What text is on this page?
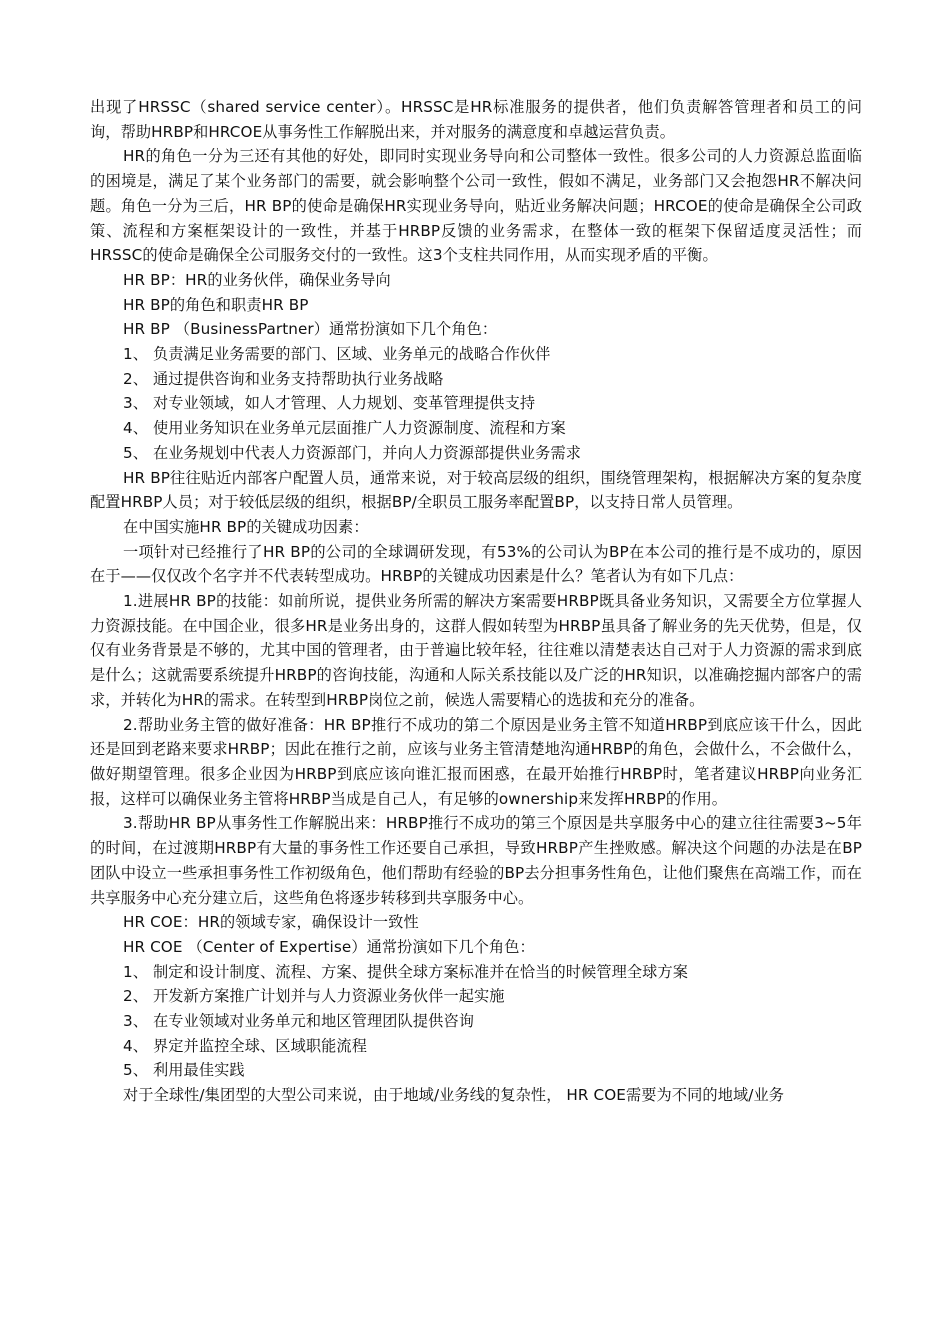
出现了HRSSC（shared service center）。HRSSC是HR标准服务的提供者，他们负责解答管理者和员工的问询，帮助HRBP和HRCOE从事务性工作解脱出来，并对服务的满意度和卓越运营负责。

HR的角色一分为三还有其他的好处，即同时实现业务导向和公司整体一致性。很多公司的人力资源总监面临的困境是，满足了某个业务部门的需要，就会影响整个公司一致性，假如不满足，业务部门又会抱怨HR不解决问题。角色一分为三后，HR BP的使命是确保HR实现业务导向，贴近业务解决问题；HRCOE的使命是确保全公司政策、流程和方案框架设计的一致性，并基于HRBP反馈的业务需求，在整体一致的框架下保留适度灵活性；而HRSSC的使命是确保全公司服务交付的一致性。这3个支柱共同作用，从而实现矛盾的平衡。

HR BP：HR的业务伙伴，确保业务导向

HR BP的角色和职责HR BP

HR BP （BusinessPartner）通常扮演如下几个角色：

1、 负责满足业务需要的部门、区域、业务单元的战略合作伙伴

2、 通过提供咨询和业务支持帮助执行业务战略

3、 对专业领域，如人才管理、人力规划、变革管理提供支持

4、 使用业务知识在业务单元层面推广人力资源制度、流程和方案

5、 在业务规划中代表人力资源部门，并向人力资源部提供业务需求

HR BP往往贴近内部客户配置人员，通常来说，对于较高层级的组织，围绕管理架构，根据解决方案的复杂度配置HRBP人员；对于较低层级的组织，根据BP/全职员工服务率配置BP，以支持日常人员管理。

在中国实施HR BP的关键成功因素：

一项针对已经推行了HR BP的公司的全球调研发现，有53%的公司认为BP在本公司的推行是不成功的，原因在于——仅仅改个名字并不代表转型成功。HRBP的关键成功因素是什么？笔者认为有如下几点：

1.进展HR BP的技能：如前所说，提供业务所需的解决方案需要HRBP既具备业务知识，又需要全方位掌握人力资源技能。在中国企业，很多HR是业务出身的，这群人假如转型为HRBP虽具备了解业务的先天优势，但是，仅仅有业务背景是不够的，尤其中国的管理者，由于普遍比较年轻，往往难以清楚表达自己对于人力资源的需求到底是什么；这就需要系统提升HRBP的咨询技能，沟通和人际关系技能以及广泛的HR知识，以准确挖掘内部客户的需求，并转化为HR的需求。在转型到HRBP岗位之前，候选人需要精心的选拔和充分的准备。

2.帮助业务主管的做好准备：HR BP推行不成功的第二个原因是业务主管不知道HRBP到底应该干什么，因此还是回到老路来要求HRBP；因此在推行之前，应该与业务主管清楚地沟通HRBP的角色，会做什么，不会做什么，做好期望管理。很多企业因为HRBP到底应该向谁汇报而困惑，在最开始推行HRBP时，笔者建议HRBP向业务汇报，这样可以确保业务主管将HRBP当成是自己人，有足够的ownership来发挥HRBP的作用。

3.帮助HR BP从事务性工作解脱出来：HRBP推行不成功的第三个原因是共享服务中心的建立往往需要3~5年的时间，在过渡期HRBP有大量的事务性工作还要自己承担，导致HRBP产生挫败感。解决这个问题的办法是在BP团队中设立一些承担事务性工作初级角色，他们帮助有经验的BP去分担事务性角色，让他们聚焦在高端工作，而在共享服务中心充分建立后，这些角色将逐步转移到共享服务中心。

HR COE：HR的领域专家，确保设计一致性

HR COE （Center of Expertise）通常扮演如下几个角色：

1、 制定和设计制度、流程、方案、提供全球方案标准并在恰当的时候管理全球方案

2、 开发新方案推广计划并与人力资源业务伙伴一起实施

3、 在专业领域对业务单元和地区管理团队提供咨询

4、 界定并监控全球、区域职能流程

5、 利用最佳实践

对于全球性/集团型的大型公司来说，由于地域/业务线的复杂性， HR COE需要为不同的地域/业务
